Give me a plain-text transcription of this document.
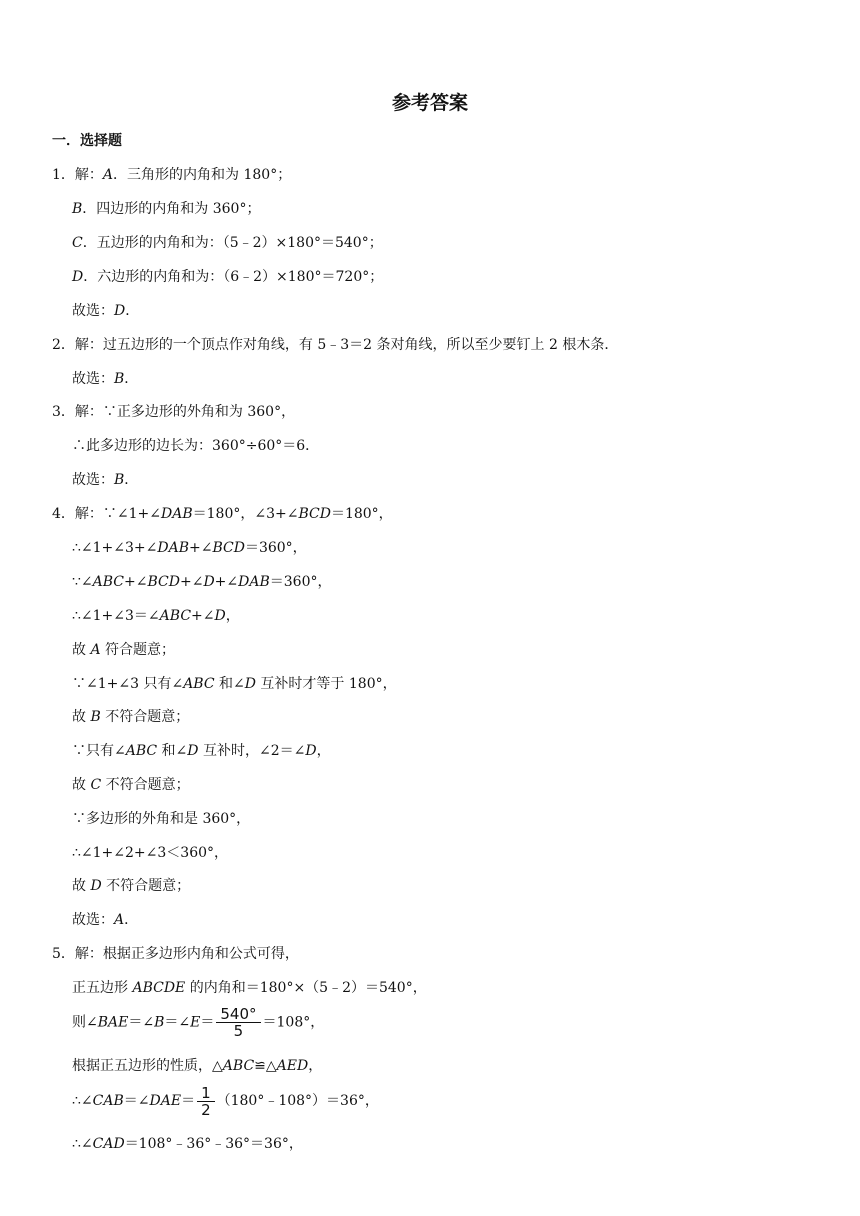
参考答案
一．选择题
1．解：A．三角形的内角和为 180°；
B．四边形的内角和为 360°；
C．五边形的内角和为：（5﹣2）×180°＝540°；
D．六边形的内角和为：（6﹣2）×180°＝720°；
故选：D．
2．解：过五边形的一个顶点作对角线，有 5﹣3＝2 条对角线，所以至少要钉上 2 根木条．
故选：B．
3．解：∵正多边形的外角和为 360°，
∴此多边形的边长为：360°÷60°＝6．
故选：B．
4．解：∵∠1+∠DAB＝180°，∠3+∠BCD＝180°，
∴∠1+∠3+∠DAB+∠BCD＝360°，
∵∠ABC+∠BCD+∠D+∠DAB＝360°，
∴∠1+∠3＝∠ABC+∠D，
故 A 符合题意；
∵∠1+∠3 只有∠ABC 和∠D 互补时才等于 180°，
故 B 不符合题意；
∵只有∠ABC 和∠D 互补时，∠2＝∠D，
故 C 不符合题意；
∵多边形的外角和是 360°，
∴∠1+∠2+∠3＜360°，
故 D 不符合题意；
故选：A．
5．解：根据正多边形内角和公式可得，
正五边形 ABCDE 的内角和＝180°×（5﹣2）＝540°，
则∠BAE＝∠B＝∠E＝ $\frac{540^\circ}{5} =108^\circ$，
根据正五边形的性质，△ABC≌△AED，
∴∠CAB＝∠DAE＝ $\frac{1}{2}$ （180°﹣108°）＝36°，
∴∠CAD＝108°﹣36°﹣36°＝36°，
